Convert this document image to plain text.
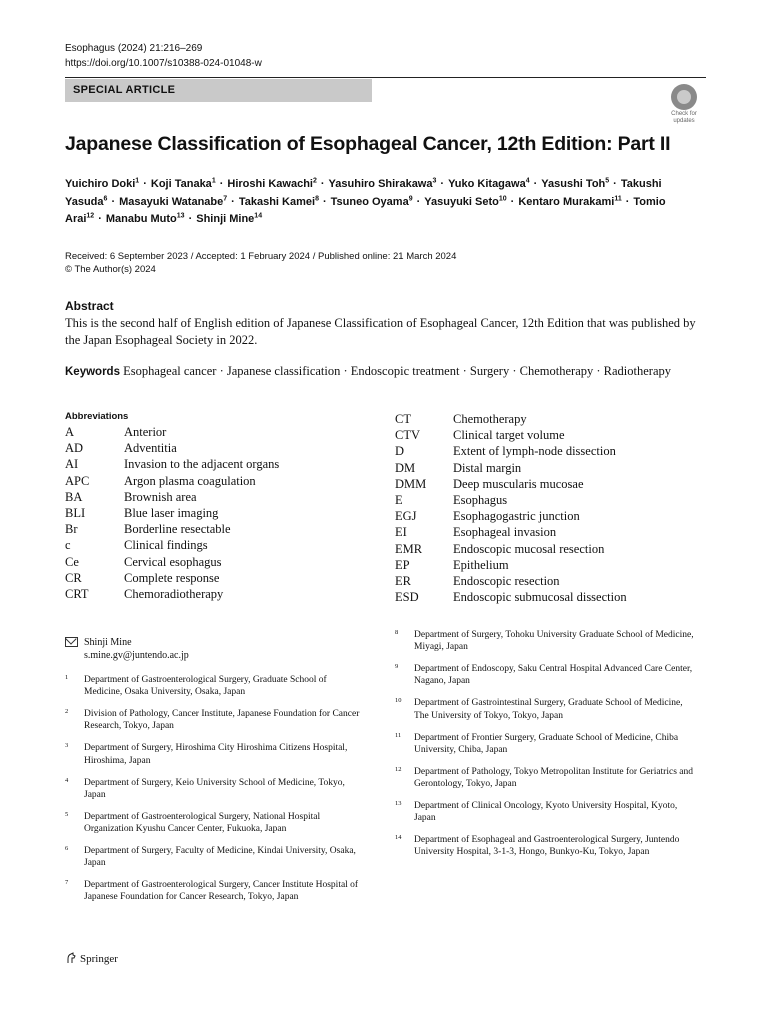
Esophagus (2024) 21:216–269
https://doi.org/10.1007/s10388-024-01048-w
SPECIAL ARTICLE
Check for
updates
Japanese Classification of Esophageal Cancer, 12th Edition: Part II
Yuichiro Doki$^1$ · Koji Tanaka$^1$ · Hiroshi Kawachi$^2$ · Yasuhiro Shirakawa$^3$ · Yuko Kitagawa$^4$ · Yasushi Toh$^5$ · Takushi Yasuda$^6$ · Masayuki Watanabe$^7$ · Takashi Kamei$^8$ · Tsuneo Oyama$^9$ · Yasuyuki Seto$^{10}$ · Kentaro Murakami$^{11}$ · Tomio Arai$^{12}$ · Manabu Muto$^{13}$ · Shinji Mine$^{14}$
Received: 6 September 2023 / Accepted: 1 February 2024 / Published online: 21 March 2024
© The Author(s) 2024
Abstract
This is the second half of English edition of Japanese Classification of Esophageal Cancer, 12th Edition that was published by the Japan Esophageal Society in 2022.
Keywords Esophageal cancer · Japanese classification · Endoscopic treatment · Surgery · Chemotherapy · Radiotherapy
Abbreviations
A	Anterior
AD	Adventitia
AI	Invasion to the adjacent organs
APC	Argon plasma coagulation
BA	Brownish area
BLI	Blue laser imaging
Br	Borderline resectable
c	Clinical findings
Ce	Cervical esophagus
CR	Complete response
CRT	Chemoradiotherapy
CT	Chemotherapy
CTV	Clinical target volume
D	Extent of lymph-node dissection
DM	Distal margin
DMM	Deep muscularis mucosae
E	Esophagus
EGJ	Esophagogastric junction
EI	Esophageal invasion
EMR	Endoscopic mucosal resection
EP	Epithelium
ER	Endoscopic resection
ESD	Endoscopic submucosal dissection
Shinji Mine
s.mine.gv@juntendo.ac.jp
1 Department of Gastroenterological Surgery, Graduate School of Medicine, Osaka University, Osaka, Japan
2 Division of Pathology, Cancer Institute, Japanese Foundation for Cancer Research, Tokyo, Japan
3 Department of Surgery, Hiroshima City Hiroshima Citizens Hospital, Hiroshima, Japan
4 Department of Surgery, Keio University School of Medicine, Tokyo, Japan
5 Department of Gastroenterological Surgery, National Hospital Organization Kyushu Cancer Center, Fukuoka, Japan
6 Department of Surgery, Faculty of Medicine, Kindai University, Osaka, Japan
7 Department of Gastroenterological Surgery, Cancer Institute Hospital of Japanese Foundation for Cancer Research, Tokyo, Japan
8 Department of Surgery, Tohoku University Graduate School of Medicine, Miyagi, Japan
9 Department of Endoscopy, Saku Central Hospital Advanced Care Center, Nagano, Japan
10 Department of Gastrointestinal Surgery, Graduate School of Medicine, The University of Tokyo, Tokyo, Japan
11 Department of Frontier Surgery, Graduate School of Medicine, Chiba University, Chiba, Japan
12 Department of Pathology, Tokyo Metropolitan Institute for Geriatrics and Gerontology, Tokyo, Japan
13 Department of Clinical Oncology, Kyoto University Hospital, Kyoto, Japan
14 Department of Esophageal and Gastroenterological Surgery, Juntendo University Hospital, 3-1-3, Hongo, Bunkyo-Ku, Tokyo, Japan
Springer
